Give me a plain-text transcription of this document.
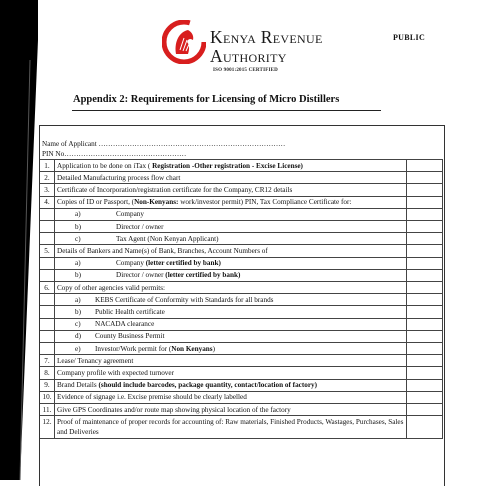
Kenya Revenue
Authority
ISO 9001:2015 CERTIFIED
PUBLIC
Appendix 2: Requirements for Licensing of Micro Distillers
Name of Applicant ……………………………………………………………………
PIN No……………………………………………
1.	Application to be done on iTax ( Registration -Other registration - Excise License)	
2.	Detailed Manufacturing process flow chart	
3.	Certificate of Incorporation/registration certificate for the Company, CR12 details	
4.	Copies of ID or Passport, (Non-Kenyans: work/investor permit) PIN, Tax Compliance Certificate for:	
	a) Company	
	b) Director / owner	
	c) Tax Agent (Non Kenyan Applicant)	
5.	Details of Bankers and Name(s) of Bank, Branches, Account Numbers of	
	a) Company (letter certified by bank)	
	b) Director / owner (letter certified by bank)	
6.	Copy of other agencies valid permits:	
	a) KEBS Certificate of Conformity with Standards for all brands	
	b) Public Health certificate	
	c) NACADA clearance	
	d) County Business Permit	
	e) Investor/Work permit for (Non Kenyans)	
7.	Lease/ Tenancy agreement	
8.	Company profile with expected turnover	
9.	Brand Details (should include barcodes, package quantity, contact/location of factory)	
10.	Evidence of signage i.e. Excise premise should be clearly labelled	
11.	Give GPS Coordinates and/or route map showing physical location of the factory	
12.	Proof of maintenance of proper records for accounting of: Raw materials, Finished Products, Wastages, Purchases, Sales and Deliveries	
